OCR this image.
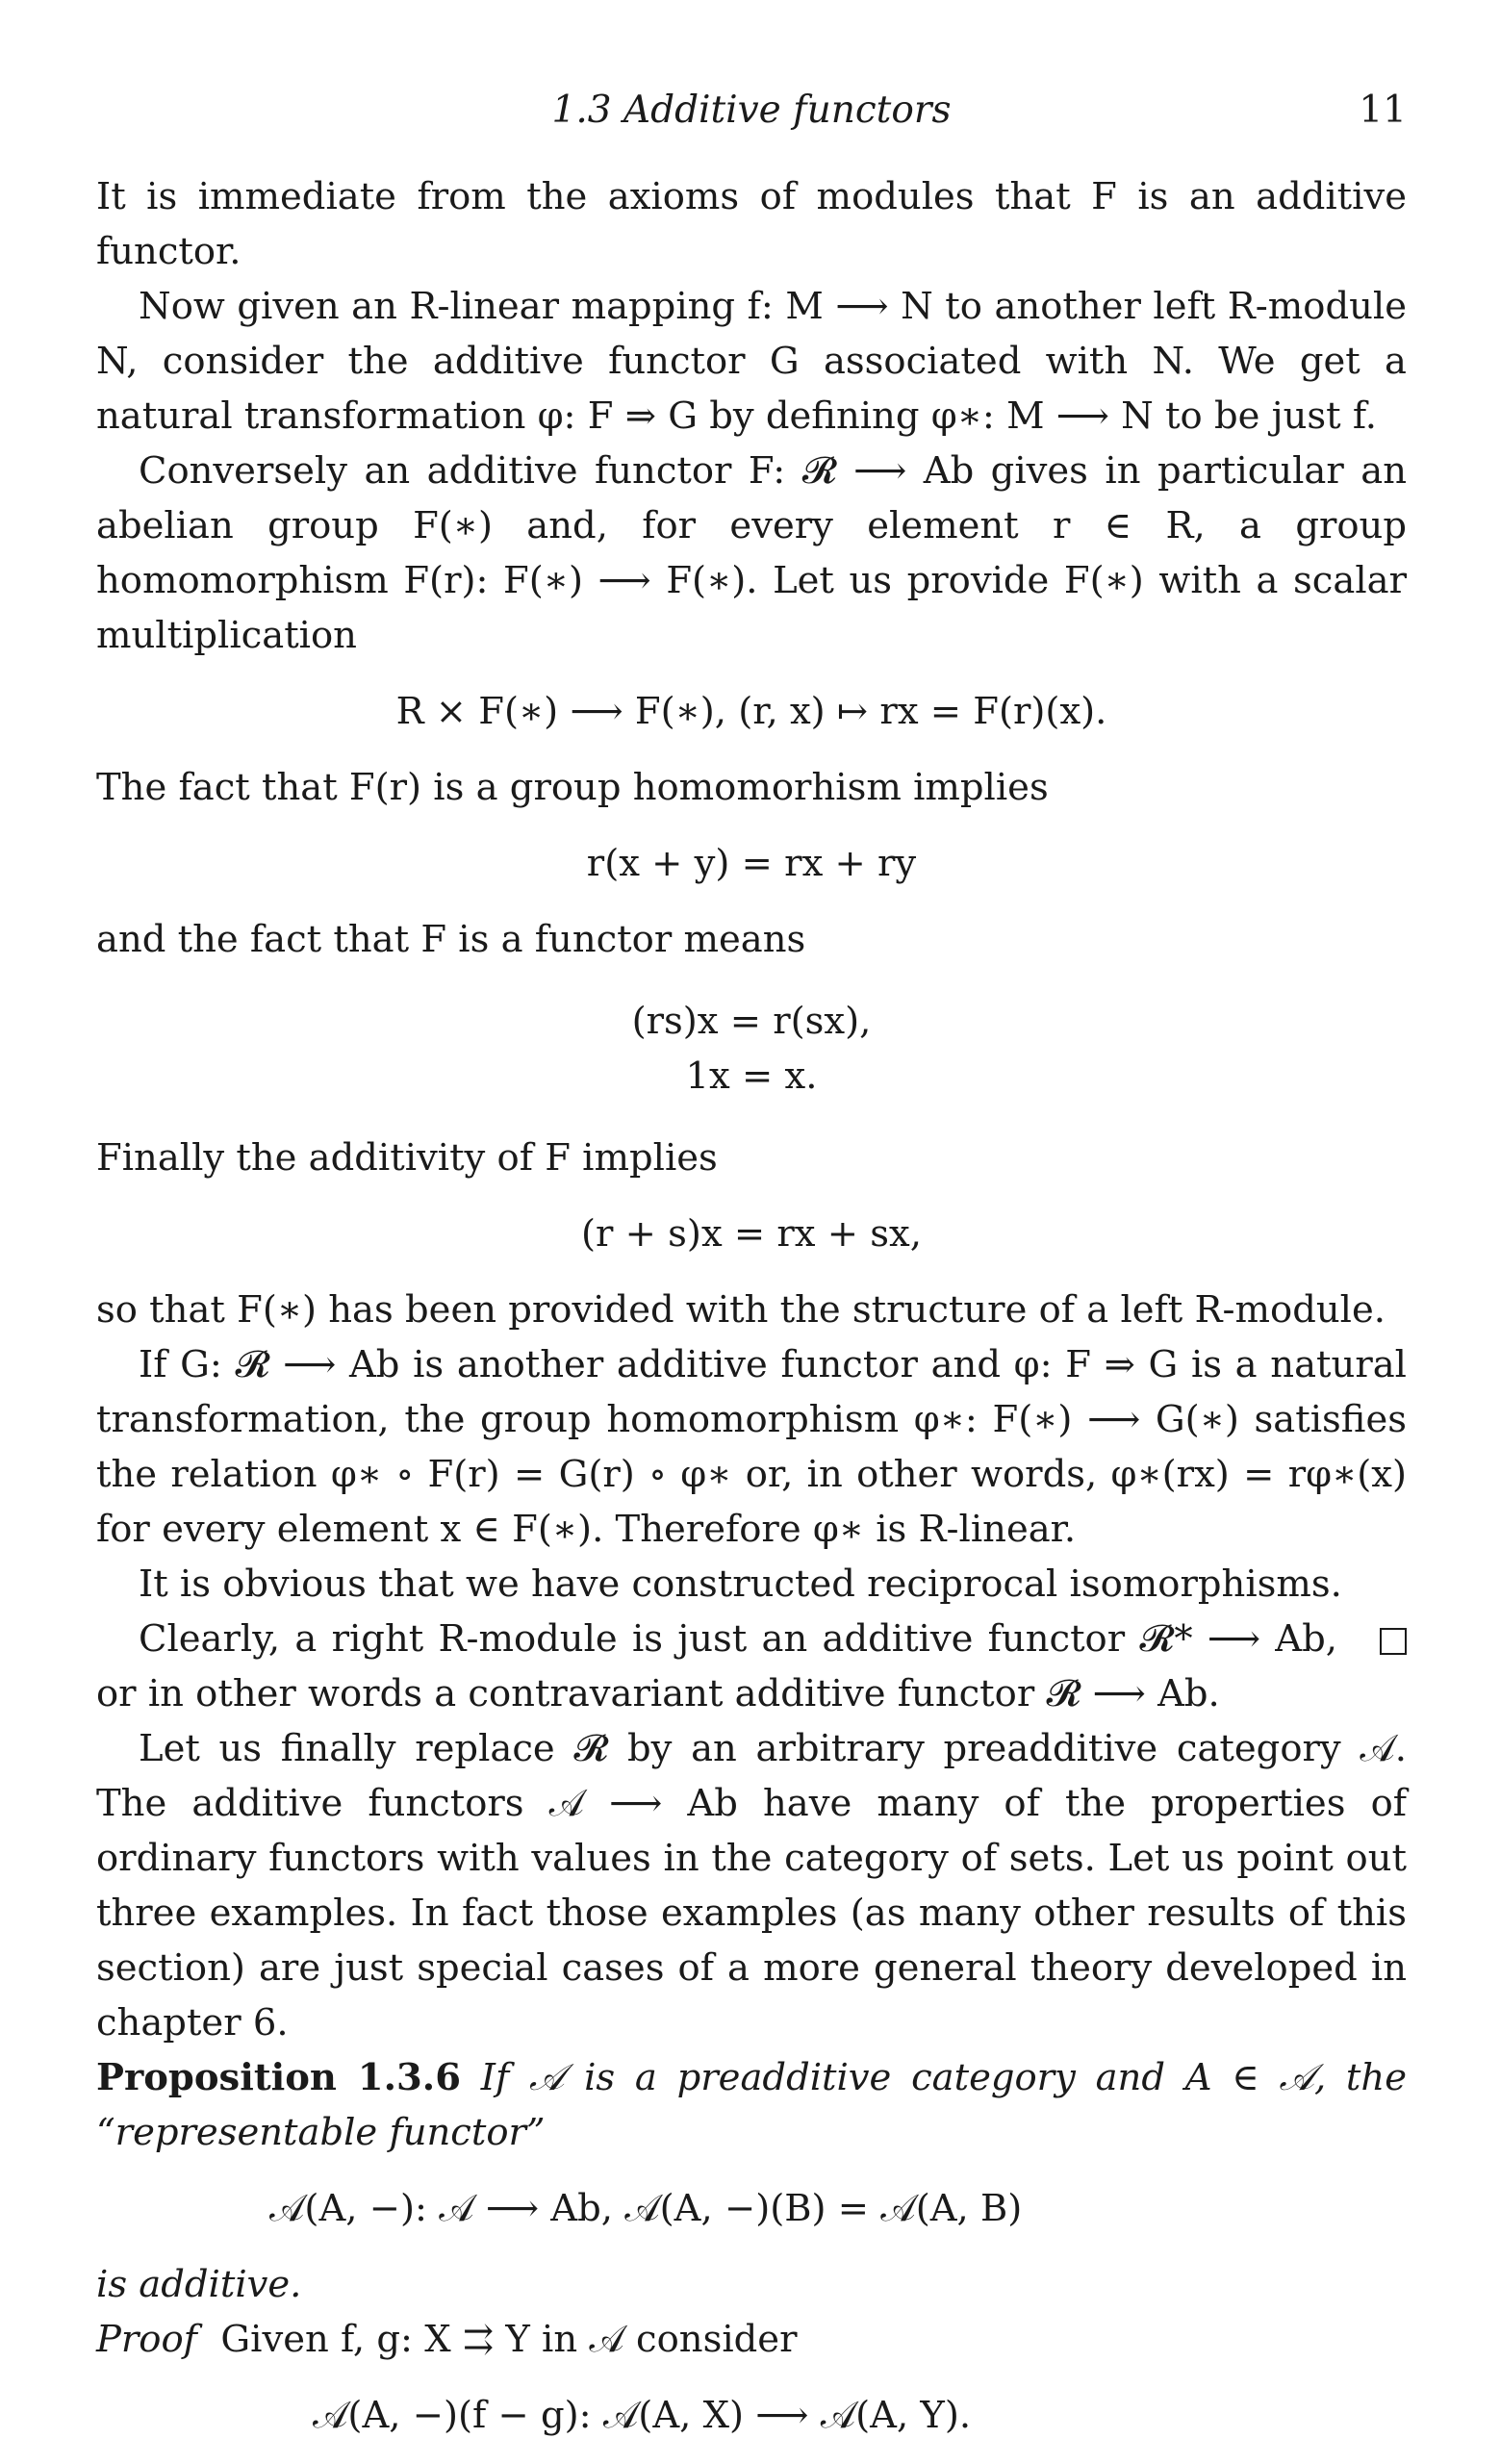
1.3 Additive functors	11

It is immediate from the axioms of modules that F is an additive functor.

Now given an R-linear mapping f: M ⟶ N to another left R-module N, consider the additive functor G associated with N. We get a natural transformation φ: F ⇒ G by defining φ∗: M ⟶ N to be just f.

Conversely an additive functor F: 𝓡 ⟶ Ab gives in particular an abelian group F(∗) and, for every element r ∈ R, a group homomorphism F(r): F(∗) ⟶ F(∗). Let us provide F(∗) with a scalar multiplication

R × F(∗) ⟶ F(∗), (r, x) ↦ rx = F(r)(x).

The fact that F(r) is a group homomorhism implies

r(x + y) = rx + ry

and the fact that F is a functor means

(rs)x = r(sx),

1x = x.

Finally the additivity of F implies

(r + s)x = rx + sx,

so that F(∗) has been provided with the structure of a left R-module.

If G: 𝓡 ⟶ Ab is another additive functor and φ: F ⇒ G is a natural transformation, the group homomorphism φ∗: F(∗) ⟶ G(∗) satisfies the relation φ∗ ∘ F(r) = G(r) ∘ φ∗ or, in other words, φ∗(rx) = rφ∗(x) for every element x ∈ F(∗). Therefore φ∗ is R-linear.

It is obvious that we have constructed reciprocal isomorphisms.

Clearly, a right R-module is just an additive functor 𝓡* ⟶ Ab, or in other words a contravariant additive functor 𝓡 ⟶ Ab.

Let us finally replace 𝓡 by an arbitrary preadditive category 𝒜. The additive functors 𝒜 ⟶ Ab have many of the properties of ordinary functors with values in the category of sets. Let us point out three examples. In fact those examples (as many other results of this section) are just special cases of a more general theory developed in chapter 6.

Proposition 1.3.6 If 𝒜 is a preadditive category and A ∈ 𝒜, the “representable functor”

𝒜(A, −): 𝒜 ⟶ Ab, 𝒜(A, −)(B) = 𝒜(A, B)

is additive.

Proof Given f, g: X ⇉ Y in 𝒜 consider

𝒜(A, −)(f − g): 𝒜(A, X) ⟶ 𝒜(A, Y).
